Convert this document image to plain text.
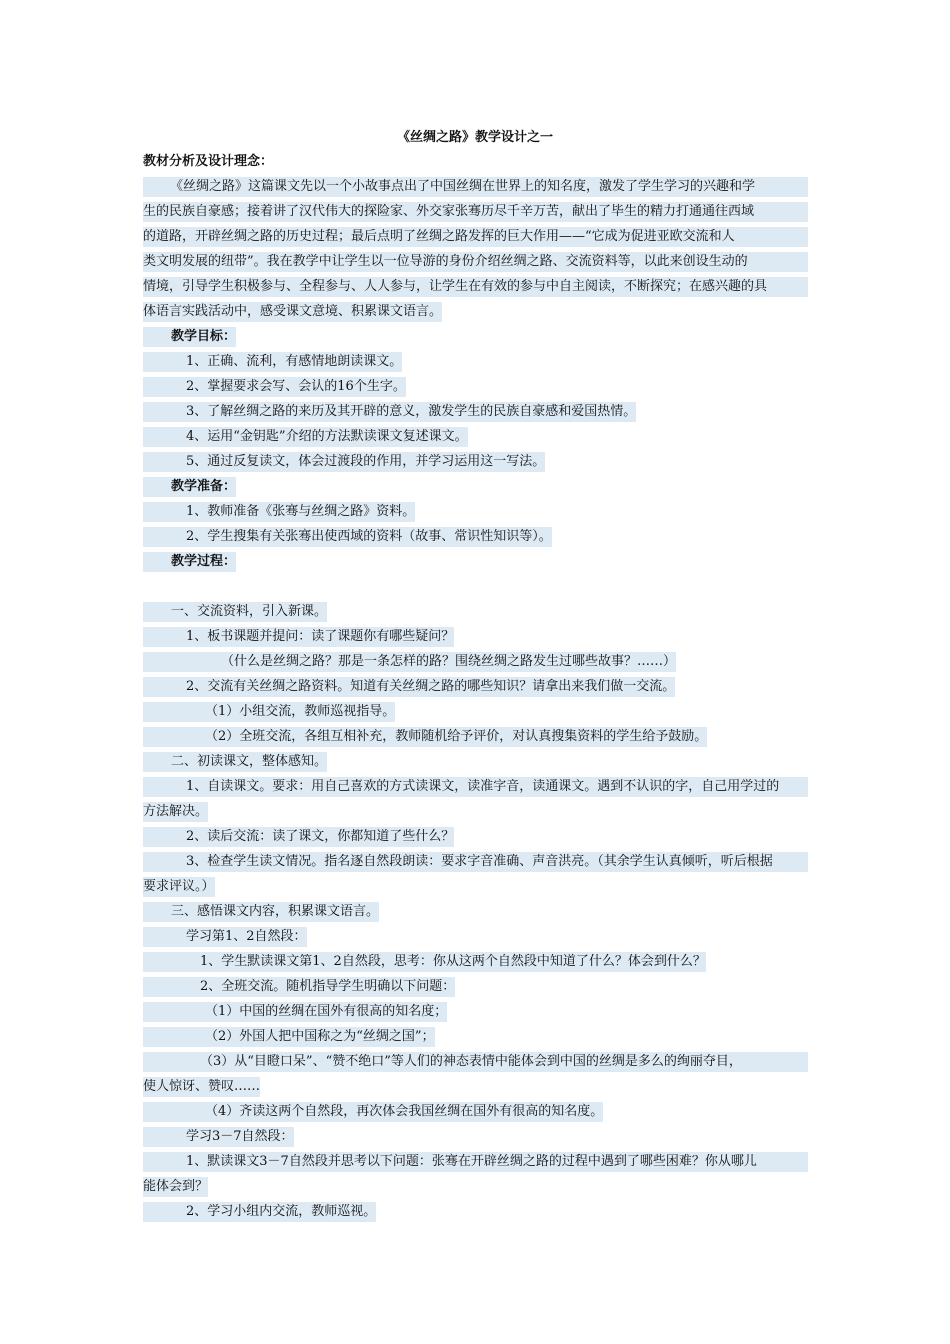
《丝绸之路》教学设计之一
教材分析及设计理念：
《丝绸之路》这篇课文先以一个小故事点出了中国丝绸在世界上的知名度，激发了学生学习的兴趣和学
生的民族自豪感；接着讲了汉代伟大的探险家、外交家张骞历尽千辛万苦，献出了毕生的精力打通通往西域
的道路，开辟丝绸之路的历史过程；最后点明了丝绸之路发挥的巨大作用——“它成为促进亚欧交流和人
类文明发展的纽带”。我在教学中让学生以一位导游的身份介绍丝绸之路、交流资料等，以此来创设生动的
情境，引导学生积极参与、全程参与、人人参与，让学生在有效的参与中自主阅读，不断探究；在感兴趣的具
体语言实践活动中，感受课文意境、积累课文语言。
教学目标：
1、正确、流利，有感情地朗读课文。
2、掌握要求会写、会认的16个生字。
3、了解丝绸之路的来历及其开辟的意义，激发学生的民族自豪感和爱国热情。
4、运用“金钥匙”介绍的方法默读课文复述课文。
5、通过反复读文，体会过渡段的作用，并学习运用这一写法。
教学准备：
1、教师准备《张骞与丝绸之路》资料。
2、学生搜集有关张骞出使西域的资料（故事、常识性知识等）。
教学过程：
一、交流资料，引入新课。
1、板书课题并提问：读了课题你有哪些疑问？
（什么是丝绸之路？那是一条怎样的路？围绕丝绸之路发生过哪些故事？……）
2、交流有关丝绸之路资料。知道有关丝绸之路的哪些知识？请拿出来我们做一交流。
（1）小组交流，教师巡视指导。
（2）全班交流，各组互相补充，教师随机给予评价，对认真搜集资料的学生给予鼓励。
二、初读课文，整体感知。
1、自读课文。要求：用自己喜欢的方式读课文，读准字音，读通课文。遇到不认识的字，自己用学过的
方法解决。
2、读后交流：读了课文，你都知道了些什么？
3、检查学生读文情况。指名逐自然段朗读：要求字音准确、声音洪亮。（其余学生认真倾听，听后根据
要求评议。）
三、感悟课文内容，积累课文语言。
学习第1、2自然段：
1、学生默读课文第1、2自然段，思考：你从这两个自然段中知道了什么？体会到什么？
2、全班交流。随机指导学生明确以下问题：
（1）中国的丝绸在国外有很高的知名度；
（2）外国人把中国称之为“丝绸之国”；
（3）从“目瞪口呆”、“赞不绝口”等人们的神态表情中能体会到中国的丝绸是多么的绚丽夺目，
使人惊讶、赞叹……
（4）齐读这两个自然段，再次体会我国丝绸在国外有很高的知名度。
学习3－7自然段：
1、默读课文3－7自然段并思考以下问题：张骞在开辟丝绸之路的过程中遇到了哪些困难？你从哪儿
能体会到？
2、学习小组内交流，教师巡视。
